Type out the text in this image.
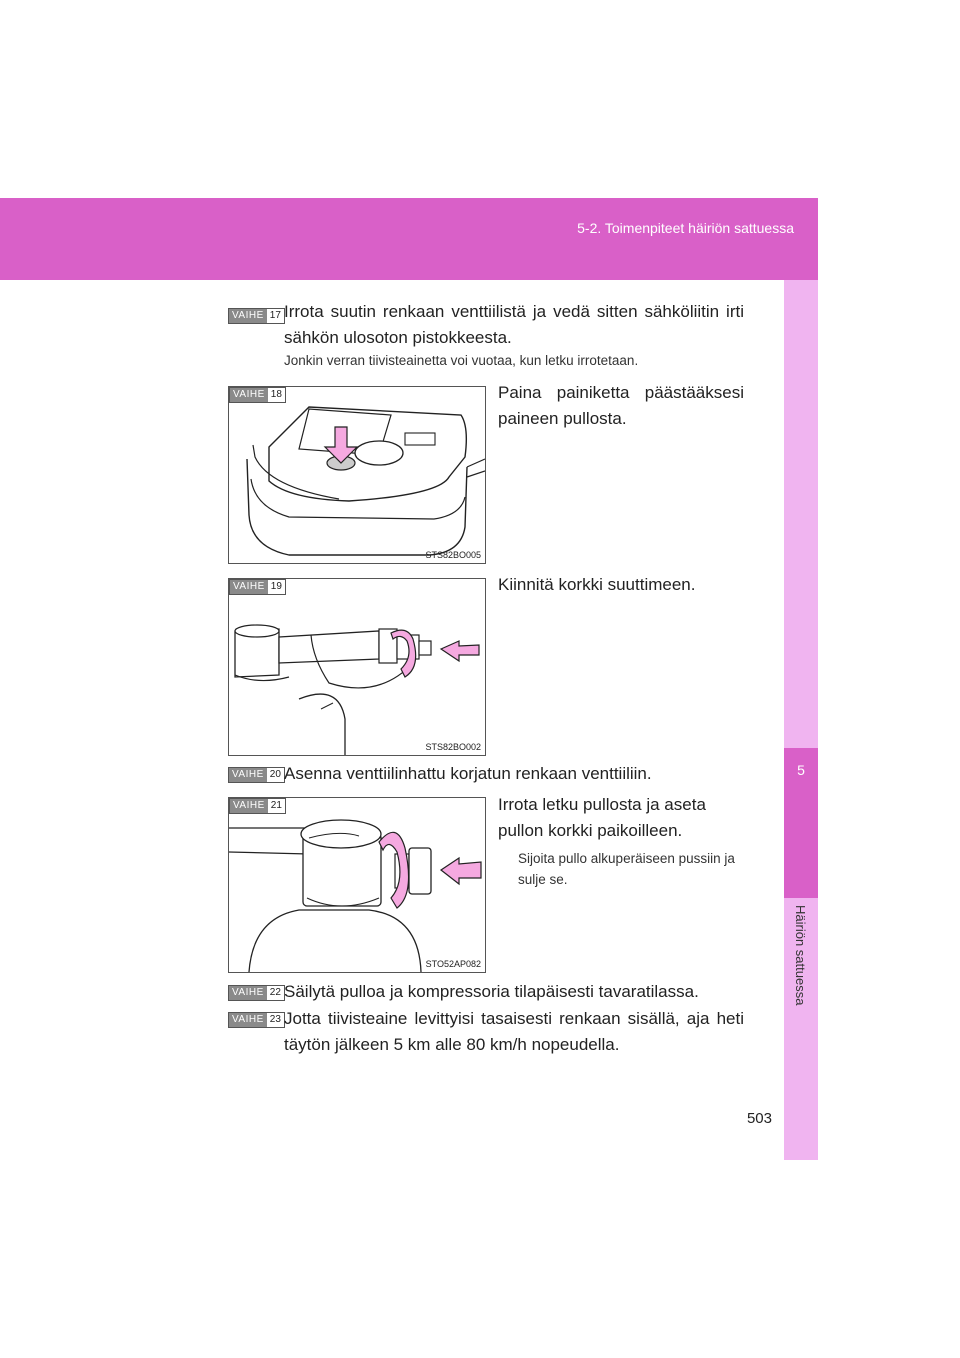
5-2. Toimenpiteet häiriön sattuessa
5
Häiriön sattuessa
VAIHE 17 Irrota suutin renkaan venttiilistä ja vedä sitten sähköliitin irti sähkön ulosoton pistokkeesta.
Jonkin verran tiivisteainetta voi vuotaa, kun letku irrotetaan.
VAIHE 18
STS82BO005
Paina painiketta päästääksesi paineen pullosta.
VAIHE 19
STS82BO002
Kiinnitä korkki suuttimeen.
VAIHE 20 Asenna venttiilinhattu korjatun renkaan venttiiliin.
VAIHE 21
STO52AP082
Irrota letku pullosta ja aseta pullon korkki paikoilleen.
Sijoita pullo alkuperäiseen pussiin ja sulje se.
VAIHE 22 Säilytä pulloa ja kompressoria tilapäisesti tavaratilassa.
VAIHE 23 Jotta tiivisteaine levittyisi tasaisesti renkaan sisällä, aja heti täytön jälkeen 5 km alle 80 km/h nopeudella.
503
